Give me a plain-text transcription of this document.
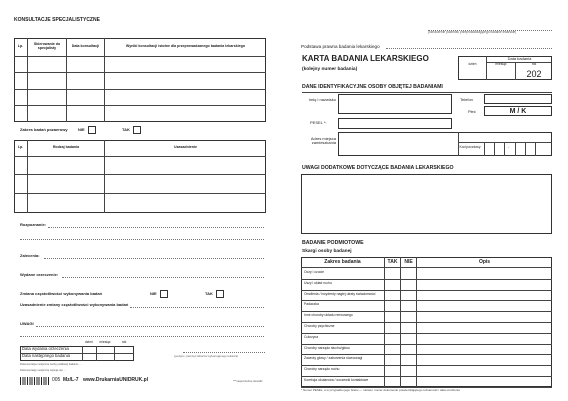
KONSULTACJE SPECJALISTYCZNE
Lp.	Skierowanie do specjalisty	Data konsultacji	Wyniki konsultacji istotne dla przeprowadzanego badania lekarskiego
Zakres badań pozaerowy	NIE	TAK
Lp.	Rodzaj badania	Uzasadnienie
Rozpoznanie:
Zalecenia:
Wydane orzeczenie:
Zmiana częstotliwości wykonywania badań	NIE	TAK
Uzasadnienie zmiany częstotliwości wykonywania badań
UWAGI
dzień	miesiąc	rok
Data wydania orzeczenia
Data następnego badania	(podpis i pieczęć lekarza wykonującego lekarza)
Dokumentacja medyczna osoby poddanej badaniu; ...
Dokumentację medyczną wpisuje się: ...
005 Mz/L-7 www.DrukarniaUNIDRUK.pl	***niepotrzebne skreślić
(oznaczenie podmiotu przeprowadzającego badanie lekarskie)
Podstawa prawna badania lekarskiego
KARTA BADANIA LEKARSKIEGO
(kolejny numer badania)
Data badania
dzień	miesiąc	rok
202
DANE IDENTYFIKACYJNE OSOBY OBJĘTEJ BADANIAMI
Imię i nazwisko	Telefon
Płeć	M / K
PESEL *:
Adres miejsca zamieszkania
Kod pocztowy	-
UWAGI DODATKOWE DOTYCZĄCE BADANIA LEKARSKIEGO
BADANIE PODMIOTOWE
Skargi osoby badanej
Zakres badania	TAK	NIE	Opis
Oczy i czucie
Uszy i układ ruchu
Omdlenia / incydenty nagłej utraty świadomości
Padaczka
Inne choroby układu nerwowego
Choroby psychiczne
Cukrzyca
Choroby narządu słuchu/głosu
Zawroty głowy / zaburzenia równowagi
Choroby narządu ruchu
Korekcja okularowa / soczewki kontaktowe
* Numer PESEL, a w przypadku jego braku — nazwa i numer dokumentu potwierdzającego tożsamość i data urodzenia
